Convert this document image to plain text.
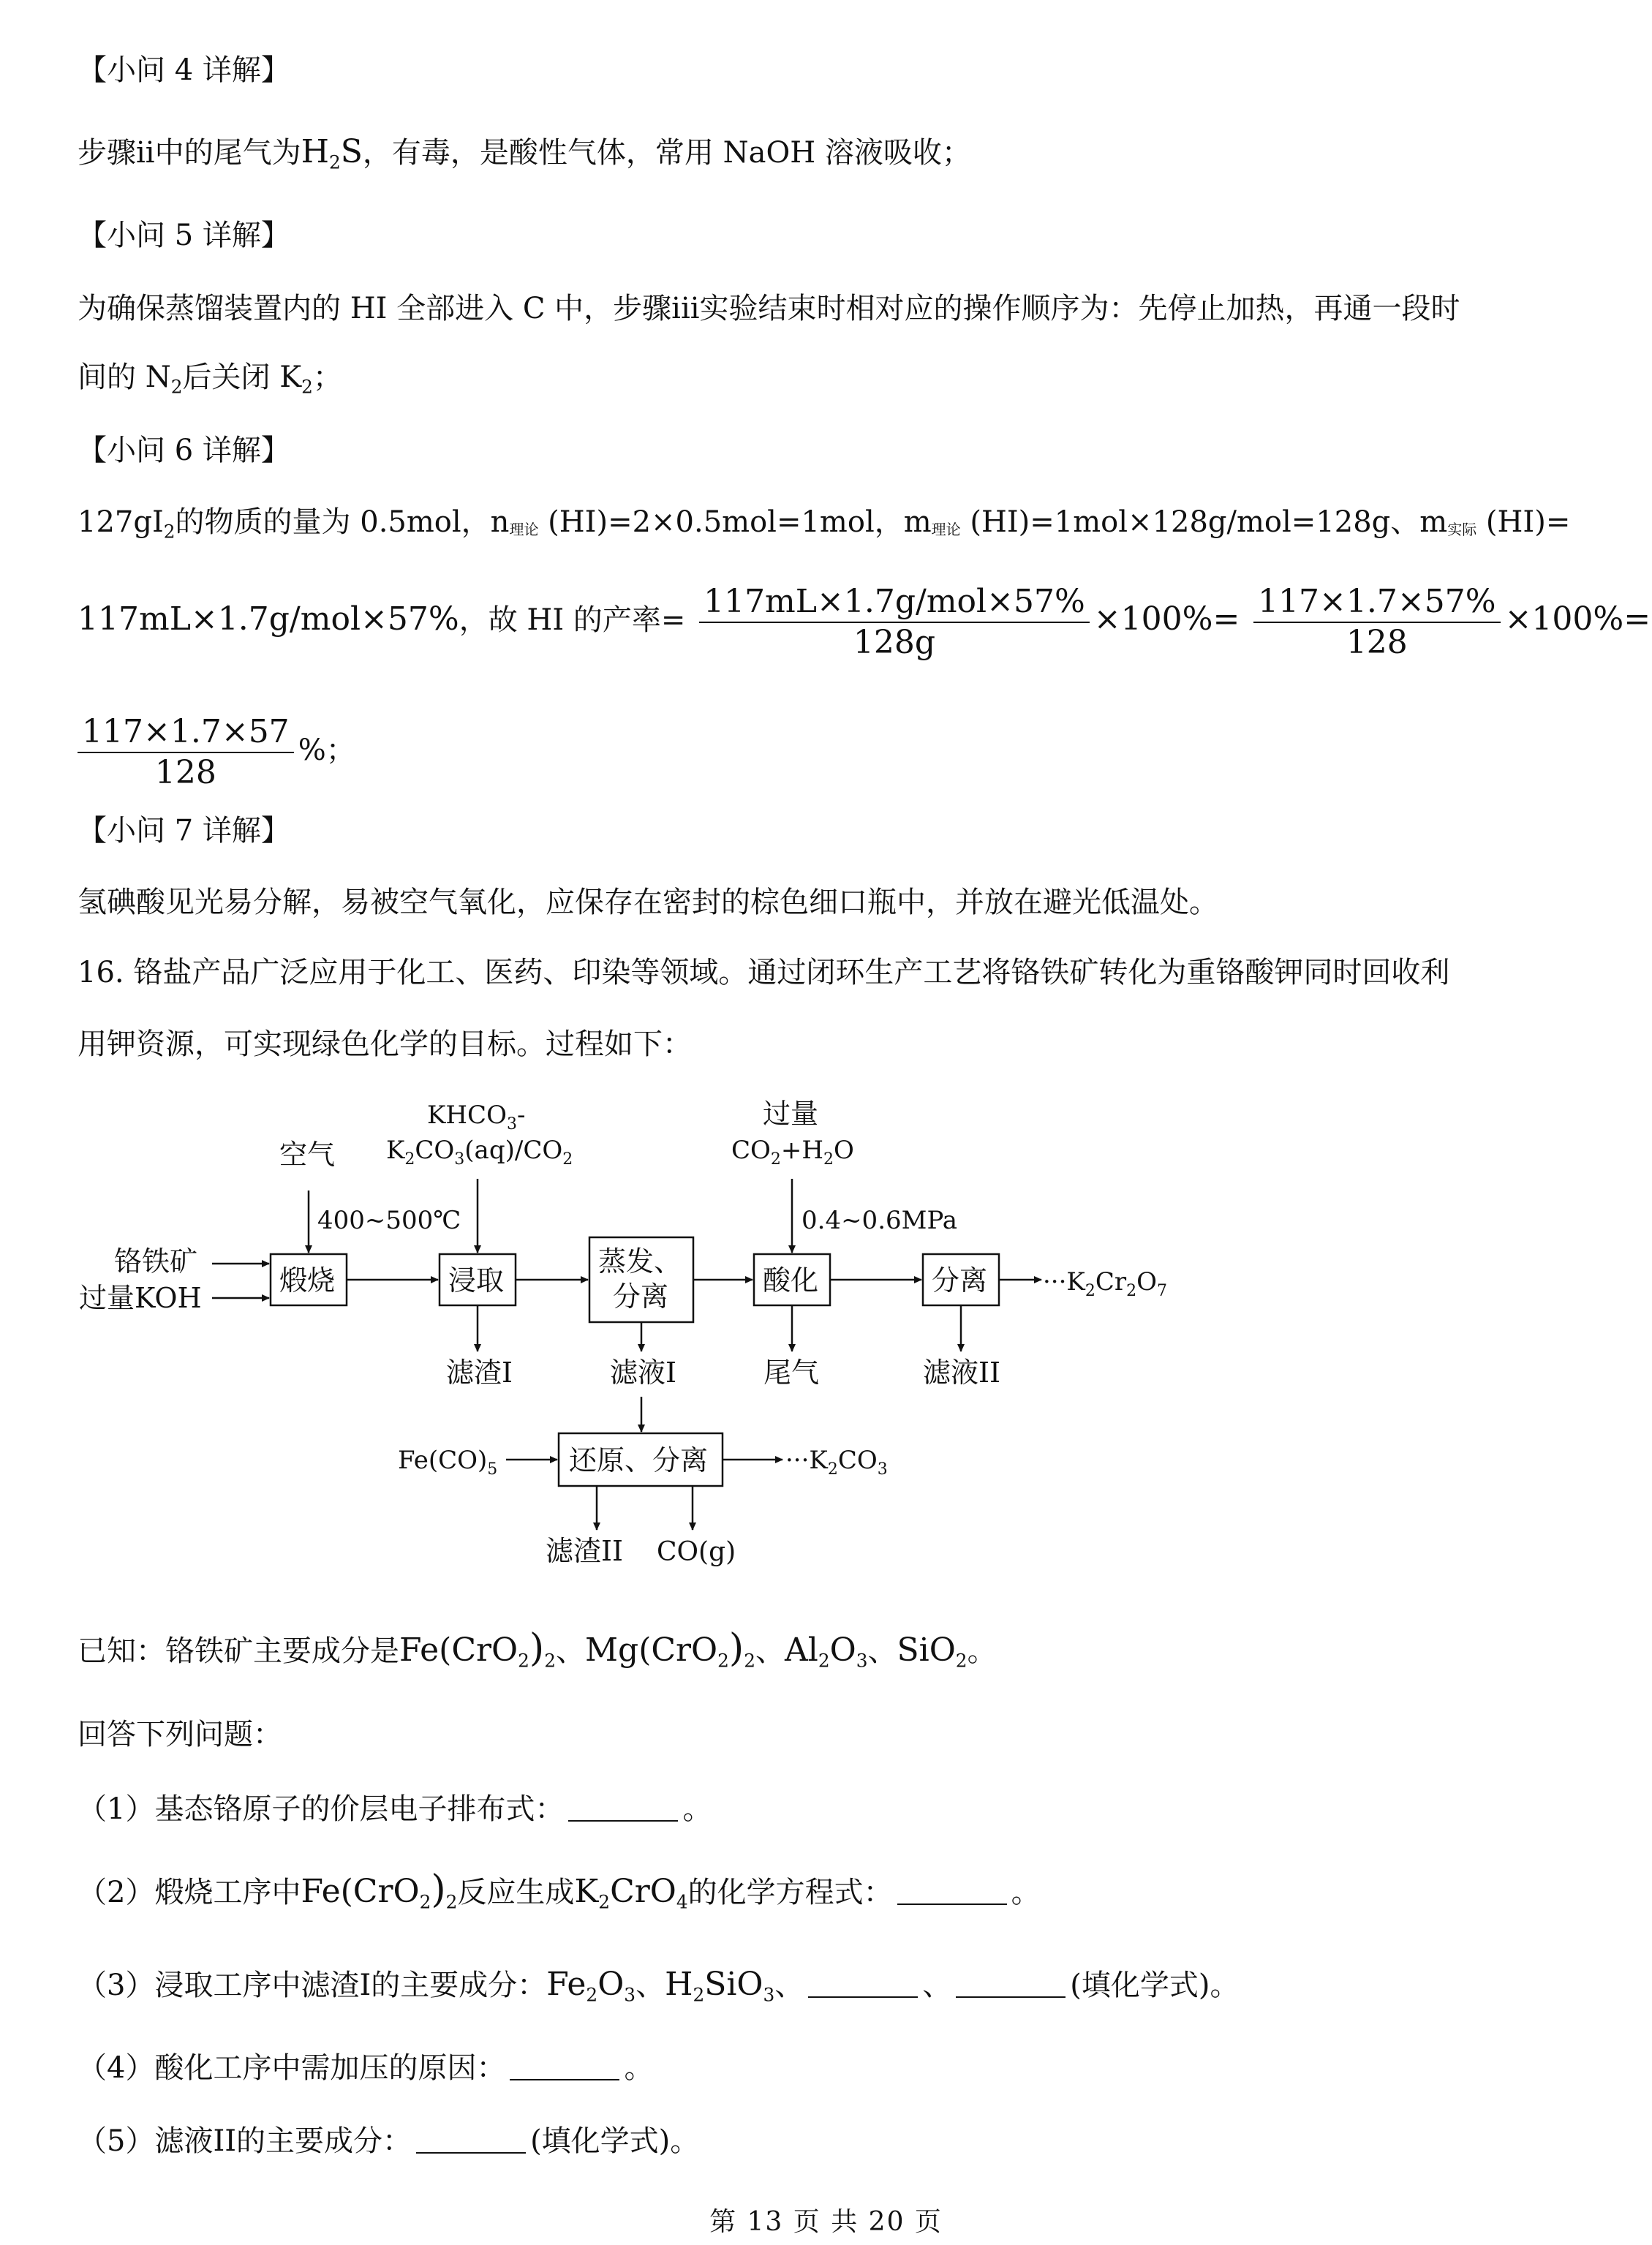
【小问 4 详解】
步骤ii中的尾气为$H_2S$，有毒，是酸性气体，常用 NaOH 溶液吸收；
【小问 5 详解】
为确保蒸馏装置内的 HI 全部进入 C 中，步骤iii实验结束时相对应的操作顺序为：先停止加热，再通一段时
间的 $N_2$后关闭 $K_2$；
【小问 6 详解】
$127gI_2$的物质的量为 0.5mol，n理论 (HI)=2×0.5mol=1mol，m理论 (HI)=1mol×128g/mol=128g、m实际 (HI)=
117mL×1.7g/mol×57%，故 HI 的产率= $\frac{\text{117mL×1.7g/mol×57\%}}{128g} \times 100\%= \frac{117\times 1.7\times 57\%}{128} \times 100\%=$
$\frac{117\times 1.7\times 57}{128}$ %；
【小问 7 详解】
氢碘酸见光易分解，易被空气氧化，应保存在密封的棕色细口瓶中，并放在避光低温处。
16. 铬盐产品广泛应用于化工、医药、印染等领域。通过闭环生产工艺将铬铁矿转化为重铬酸钾同时回收利
用钾资源，可实现绿色化学的目标。过程如下：
铬铁矿
过量KOH
空气
400~500℃
$KHCO_3-$
$K_2CO_3(aq)/CO_2$
过量
$CO_2+H_2O$
0.4~0.6MPa
煅烧	浸取
蒸发、
分离	酸化	分离 $\cdot\cdot\cdot K_2Cr_2O_7$
滤渣I	滤液I	尾气	滤液II
$Fe(CO)_5$	还原、分离	$\cdot\cdot\cdot K_2CO_3$
滤渣II CO(g)
已知：铬铁矿主要成分是$Fe(CrO_2)_2$、$Mg(CrO_2)_2$、$Al_2O_3$、SiO$_2$。
回答下列问题：
（1）基态铬原子的价层电子排布式：	。
（2）煅烧工序中$Fe(CrO_2)_2$反应生成$K_2CrO_4$的化学方程式：	。
（3）浸取工序中滤渣I的主要成分：$Fe_2O_3$、$H_2SiO_3$、	、	(填化学式)。
（4）酸化工序中需加压的原因：	。
（5）滤液II的主要成分：	(填化学式)。
第 13 页 共 20 页
